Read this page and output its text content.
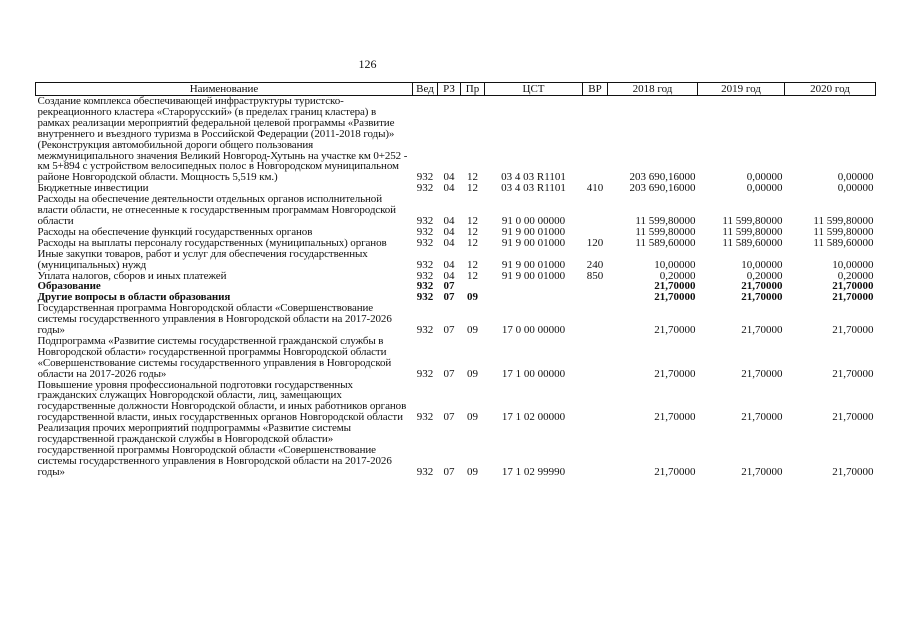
126
Наименование	Вед	РЗ	Пр	ЦСТ	ВР	2018 год	2019 год	2020 год
Создание комплекса обеспечивающей инфраструктуры туристско-рекреационного кластера «Старорусский» (в пределах границ кластера) в рамках реализации мероприятий федеральной целевой программы «Развитие внутреннего и въездного туризма в Российской Федерации (2011-2018 годы)» (Реконструкция автомобильной дороги общего пользования межмуниципального значения Великий Новгород-Хутынь на участке км 0+252 - км 5+894 с устройством велосипедных полос в Новгородском муниципальном районе Новгородской области. Мощность 5,519 км.)	932	04	12	03 4 03 R1101		203 690,16000	0,00000	0,00000
Бюджетные инвестиции	932	04	12	03 4 03 R1101	410	203 690,16000	0,00000	0,00000
Расходы на обеспечение деятельности отдельных органов исполнительной власти области, не отнесенные к государственным программам Новгородской области	932	04	12	91 0 00 00000		11 599,80000	11 599,80000	11 599,80000
Расходы на обеспечение функций государственных органов	932	04	12	91 9 00 01000		11 599,80000	11 599,80000	11 599,80000
Расходы на выплаты персоналу государственных (муниципальных) органов	932	04	12	91 9 00 01000	120	11 589,60000	11 589,60000	11 589,60000
Иные закупки товаров, работ и услуг для обеспечения государственных (муниципальных) нужд	932	04	12	91 9 00 01000	240	10,00000	10,00000	10,00000
Уплата налогов, сборов и иных платежей	932	04	12	91 9 00 01000	850	0,20000	0,20000	0,20000
Образование	932	07				21,70000	21,70000	21,70000
Другие вопросы в области образования	932	07	09			21,70000	21,70000	21,70000
Государственная программа Новгородской области «Совершенствование системы государственного управления в Новгородской области на 2017-2026 годы»	932	07	09	17 0 00 00000		21,70000	21,70000	21,70000
Подпрограмма «Развитие системы государственной гражданской службы в Новгородской области» государственной программы Новгородской области «Совершенствование системы государственного управления в Новгородской области на 2017-2026 годы»	932	07	09	17 1 00 00000		21,70000	21,70000	21,70000
Повышение уровня профессиональной подготовки государственных гражданских служащих Новгородской области, лиц, замещающих государственные должности Новгородской области, и иных работников органов государственной власти, иных государственных органов Новгородской области	932	07	09	17 1 02 00000		21,70000	21,70000	21,70000
Реализация прочих мероприятий подпрограммы «Развитие системы государственной гражданской службы в Новгородской области» государственной программы Новгородской области «Совершенствование системы государственного управления в Новгородской области на 2017-2026 годы»	932	07	09	17 1 02 99990		21,70000	21,70000	21,70000
